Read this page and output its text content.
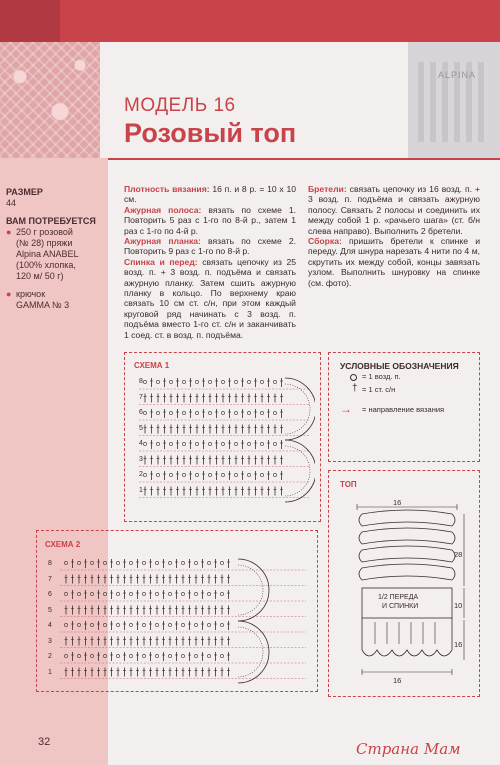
ALPINA
МОДЕЛЬ 16
Розовый топ
РАЗМЕР
44
ВАМ ПОТРЕБУЕТСЯ
● 250 г розовой
(№ 28) пряжи
Alpina ANABEL
(100% хлопка,
120 м/ 50 г)
● крючок
GAMMA № 3

Плотность вязания: 16 п. и 8 р. = 10 х 10 см.

Ажурная полоса: вязать по схеме 1. Повторить 5 раз с 1-го по 8-й р., затем 1 раз с 1-го по 4-й р.

Ажурная планка: вязать по схеме 2. Повторить 9 раз с 1-го по 8-й р.

Спинка и перед: связать цепочку из 25 возд. п. + 3 возд. п. подъёма и связать ажурную планку. Затем сшить ажурную планку в кольцо. По верхнему краю связать 10 см ст. с/н, при этом каждый круговой ряд начинать с 3 возд. п. подъёма вместо 1-го ст. с/н и заканчивать 1 соед. ст. в возд. п. подъёма.

Бретели: связать цепочку из 16 возд. п. + 3 возд. п. подъёма и связать ажурную полосу. Связать 2 полосы и соединить их между собой 1 р. «рачьего шага» (ст. б/н слева направо). Выполнить 2 бретели.

Сборка: пришить бретели к спинке и переду. Для шнура нарезать 4 нити по 4 м, скрутить их между собой, концы завязать узлом. Выполнить шнуровку на спинке (см. фото).

СХЕМА 1
8
7
6
5
4
3
2
1
УСЛОВНЫЕ ОБОЗНАЧЕНИЯ
= 1 возд. п.
† = 1 ст. с/н
→ = направление вязания
СХЕМА 2
8
7
6
5
4
3
2
1
ТОП
16
28
10
16
16
1/2 ПЕРЕДА
И СПИНКИ
32	Страна Мам
